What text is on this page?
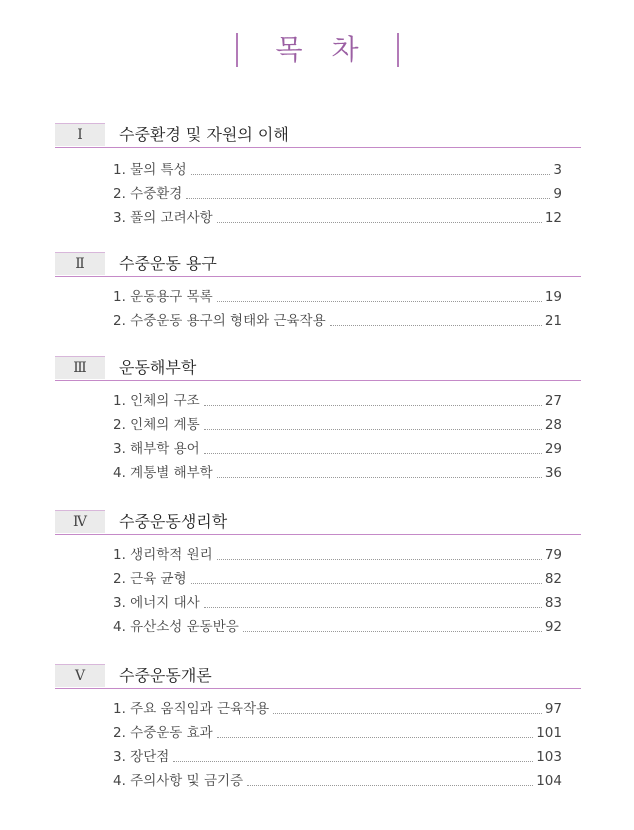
목 차
Ⅰ	수중환경 및 자원의 이해
1. 물의 특성	3
2. 수중환경	9
3. 풀의 고려사항	12
Ⅱ	수중운동 용구
1. 운동용구 목록	19
2. 수중운동 용구의 형태와 근육작용	21
Ⅲ	운동해부학
1. 인체의 구조	27
2. 인체의 계통	28
3. 해부학 용어	29
4. 계통별 해부학	36
Ⅳ	수중운동생리학
1. 생리학적 원리	79
2. 근육 균형	82
3. 에너지 대사	83
4. 유산소성 운동반응	92
Ⅴ	수중운동개론
1. 주요 움직임과 근육작용	97
2. 수중운동 효과	101
3. 장단점	103
4. 주의사항 및 금기증	104
